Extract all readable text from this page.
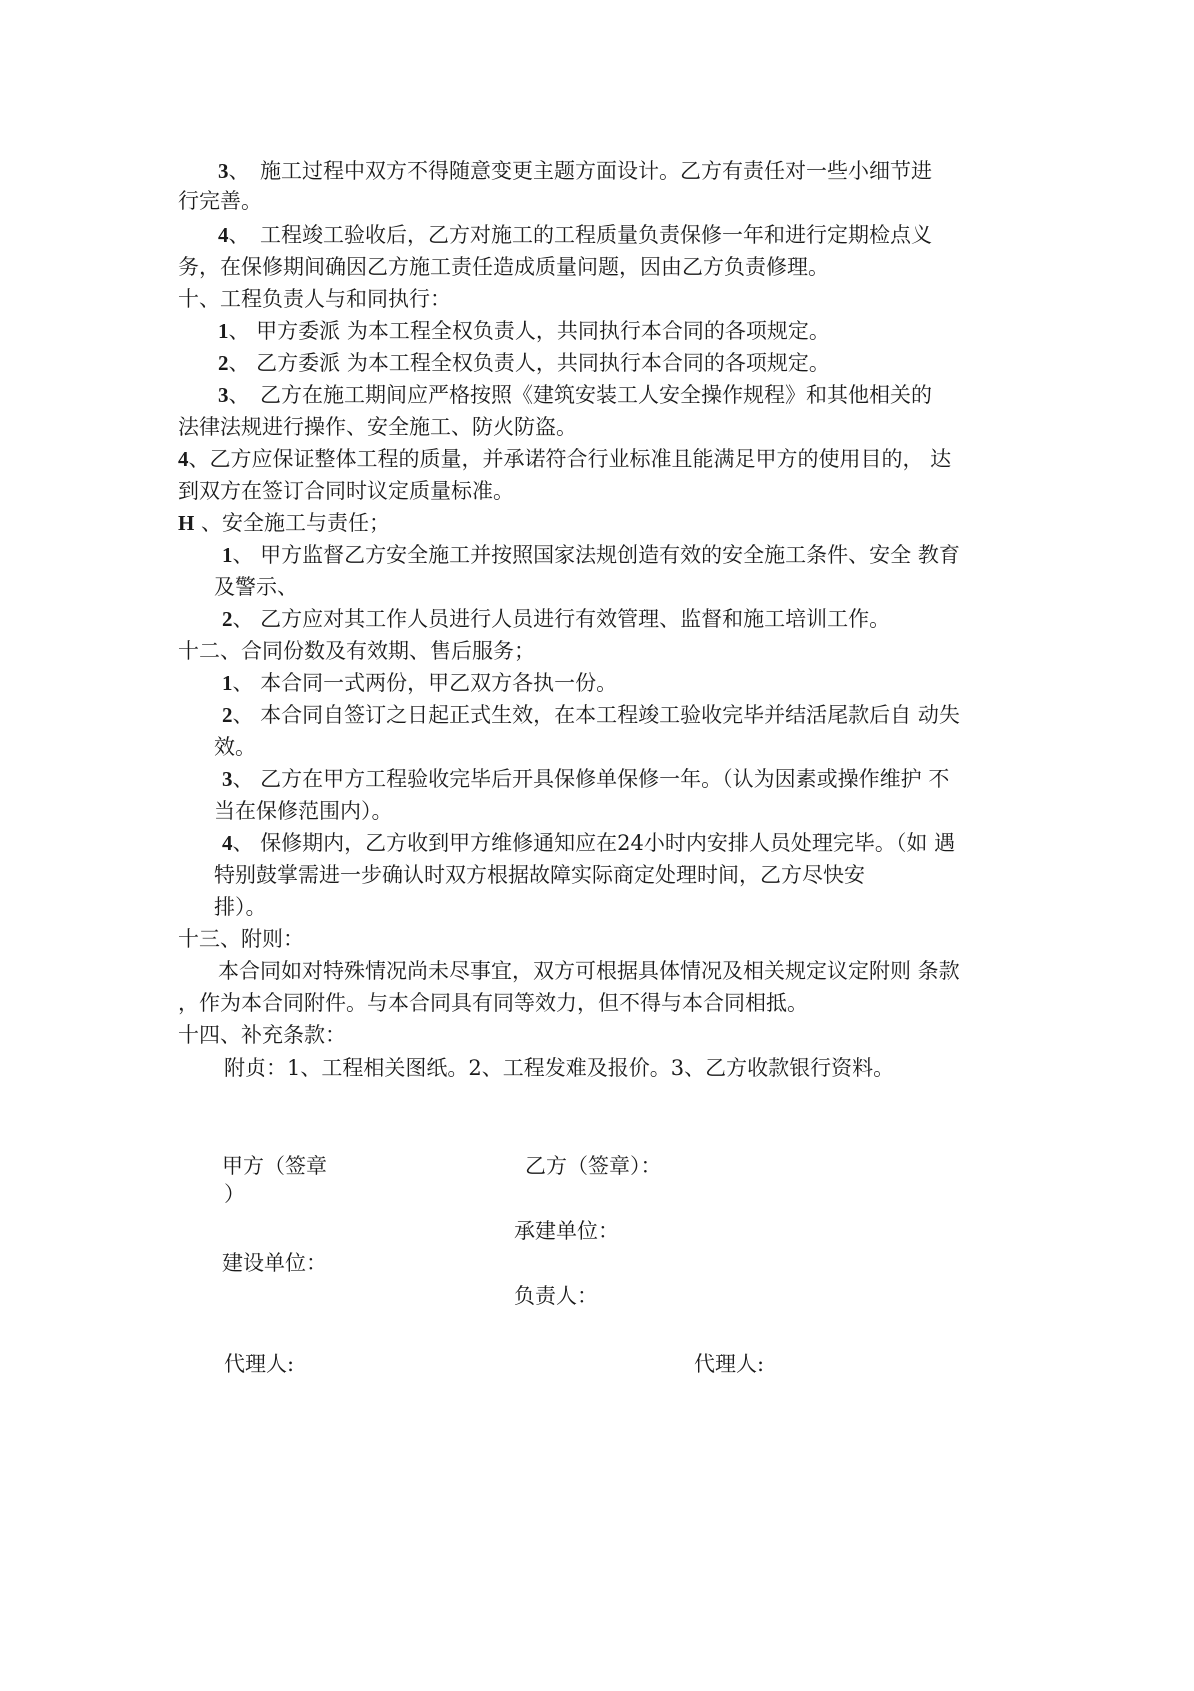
3、　施工过程中双方不得随意变更主题方面设计。乙方有责任对一些小细节进
行完善。
4、　工程竣工验收后，乙方对施工的工程质量负责保修一年和进行定期检点义
务，在保修期间确因乙方施工责任造成质量问题，因由乙方负责修理。
十、工程负责人与和同执行：
1、 甲方委派 为本工程全权负责人，共同执行本合同的各项规定。
2、 乙方委派 为本工程全权负责人，共同执行本合同的各项规定。
3、　乙方在施工期间应严格按照《建筑安装工人安全操作规程》和其他相关的
法律法规进行操作、安全施工、防火防盗。
4、乙方应保证整体工程的质量，并承诺符合行业标准且能满足甲方的使用目的， 达
到双方在签订合同时议定质量标准。
H 、安全施工与责任；
1、 甲方监督乙方安全施工并按照国家法规创造有效的安全施工条件、安全 教育
及警示、
2、 乙方应对其工作人员进行人员进行有效管理、监督和施工培训工作。
十二、合同份数及有效期、售后服务；
1、 本合同一式两份，甲乙双方各执一份。
2、 本合同自签订之日起正式生效，在本工程竣工验收完毕并结活尾款后自 动失
效。
3、 乙方在甲方工程验收完毕后开具保修单保修一年。（认为因素或操作维护 不
当在保修范围内）。
4、 保修期内，乙方收到甲方维修通知应在24小时内安排人员处理完毕。（如 遇
特别鼓掌需进一步确认时双方根据故障实际商定处理时间，乙方尽快安
排）。
十三、附则：
本合同如对特殊情况尚未尽事宜，双方可根据具体情况及相关规定议定附则 条款
，作为本合同附件。与本合同具有同等效力，但不得与本合同相抵。
十四、补充条款：
附贞：1、工程相关图纸。2、工程发难及报价。3、乙方收款银行资料。
甲方（签章
）
乙方（签章）：
承建单位：
建设单位：
负责人：
代理人:	代理人:
